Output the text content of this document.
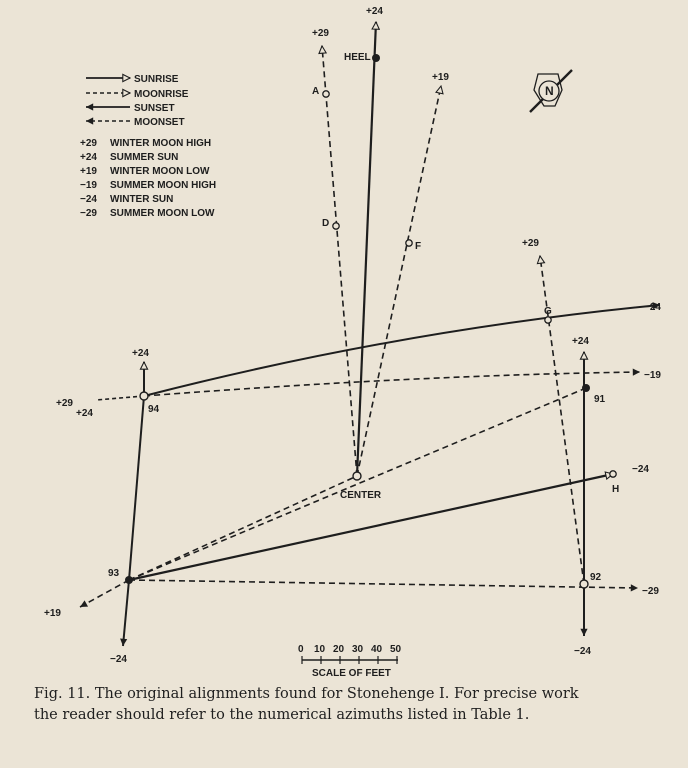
SUNRISE
MOONRISE
SUNSET
MOONSET
+29 WINTER MOON HIGH
+24 SUMMER SUN
+19 WINTER MOON LOW
−19 SUMMER MOON HIGH
−24 WINTER SUN
−29 SUMMER MOON LOW
N
HEEL
A
D
F
G
91
94
CENTER
H
93	92
+29
+24
+19
+24
+29
+24
+29
+24
−24
−19
−24
−29
+19
−24
−24
0 10 20 30 40 50
SCALE OF FEET
Fig. 11. The original alignments found for Stonehenge I. For precise work
the reader should refer to the numerical azimuths listed in Table 1.
